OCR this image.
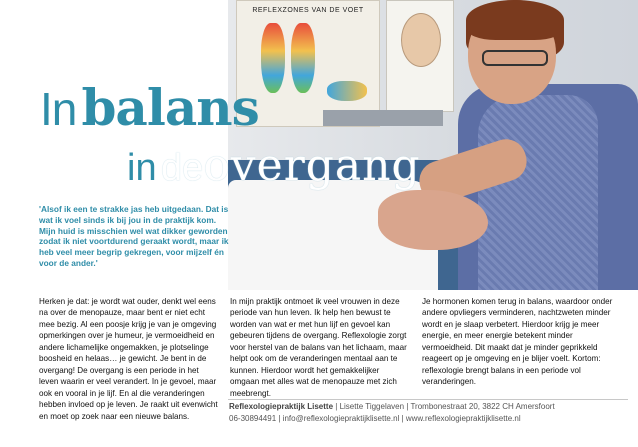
REFLEXZONES VAN DE VOET
In balans
in deovergang
'Alsof ik een te strakke jas heb uitgedaan. Dat is wat ik voel sinds ik bij jou in de praktijk kom. Mijn huid is misschien wel wat dikker geworden zodat ik niet voortdurend geraakt wordt, maar ik heb veel meer begrip gekregen, voor mijzelf én voor de ander.'
Herken je dat: je wordt wat ouder, denkt wel eens na over de menopauze, maar bent er niet echt mee bezig. Al een poosje krijg je van je omgeving opmerkingen over je humeur, je vermoeidheid en andere lichamelijke ongemakken, je plotselinge boosheid en helaas… je gewicht. Je bent in de overgang! De overgang is een periode in het leven waarin er veel verandert. In je gevoel, maar ook en vooral in je lijf. En al die veranderingen hebben invloed op je leven. Je raakt uit evenwicht en moet op zoek naar een nieuwe balans.
In mijn praktijk ontmoet ik veel vrouwen in deze periode van hun leven. Ik help hen bewust te worden van wat er met hun lijf en gevoel kan gebeuren tijdens de overgang. Reflexologie zorgt voor herstel van de balans van het lichaam, maar helpt ook om de veranderingen mentaal aan te kunnen. Hierdoor wordt het gemakkelijker omgaan met alles wat de menopauze met zich meebrengt.
Je hormonen komen terug in balans, waardoor onder andere opvliegers verminderen, nachtzweten minder wordt en je slaap verbetert. Hierdoor krijg je meer energie, en meer energie betekent minder vermoeidheid. Dit maakt dat je minder geprikkeld reageert op je omgeving en je blijer voelt. Kortom: reflexologie brengt balans in een periode vol veranderingen.
Reflexologiepraktijk Lisette | Lisette Tiggelaven | Trombonestraat 20, 3822 CH Amersfoort
06-30894491 | info@reflexologiepraktijklisette.nl | www.reflexologiepraktijklisette.nl
